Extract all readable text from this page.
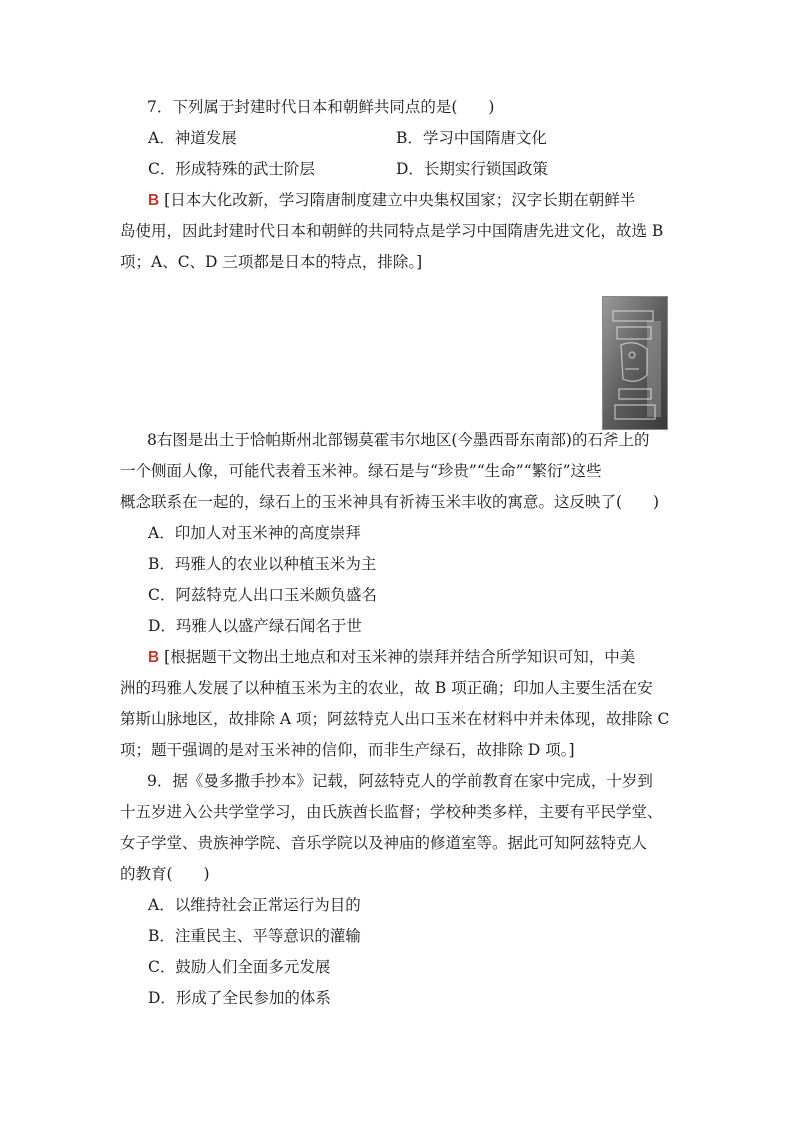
7．下列属于封建时代日本和朝鲜共同点的是(　　)
A．神道发展	B．学习中国隋唐文化
C．形成特殊的武士阶层	D．长期实行锁国政策
B [日本大化改新，学习隋唐制度建立中央集权国家；汉字长期在朝鲜半
岛使用，因此封建时代日本和朝鲜的共同特点是学习中国隋唐先进文化，故选 B
项；A、C、D 三项都是日本的特点，排除。]
8右图是出土于恰帕斯州北部锡莫霍韦尔地区(今墨西哥东南部)的石斧上的
一个侧面人像，可能代表着玉米神。绿石是与“珍贵”“生命”“繁衍”这些
概念联系在一起的，绿石上的玉米神具有祈祷玉米丰收的寓意。这反映了(　　)
A．印加人对玉米神的高度崇拜
B．玛雅人的农业以种植玉米为主
C．阿兹特克人出口玉米颇负盛名
D．玛雅人以盛产绿石闻名于世
B [根据题干文物出土地点和对玉米神的崇拜并结合所学知识可知，中美
洲的玛雅人发展了以种植玉米为主的农业，故 B 项正确；印加人主要生活在安
第斯山脉地区，故排除 A 项；阿兹特克人出口玉米在材料中并未体现，故排除 C
项；题干强调的是对玉米神的信仰，而非生产绿石，故排除 D 项。]
9．据《曼多撒手抄本》记载，阿兹特克人的学前教育在家中完成，十岁到
十五岁进入公共学堂学习，由氏族酋长监督；学校种类多样，主要有平民学堂、
女子学堂、贵族神学院、音乐学院以及神庙的修道室等。据此可知阿兹特克人
的教育(　　)
A．以维持社会正常运行为目的
B．注重民主、平等意识的灌输
C．鼓励人们全面多元发展
D．形成了全民参加的体系
